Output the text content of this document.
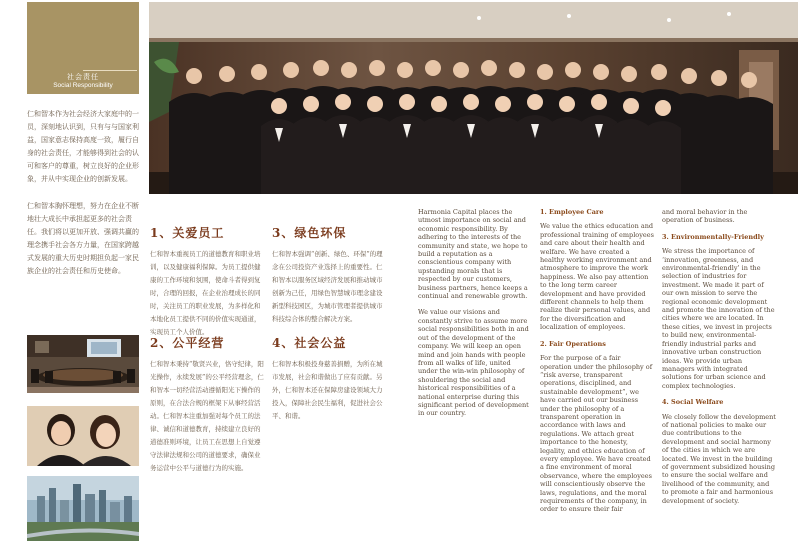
社会责任
Social Responsibility

仁和智本作为社会经济大家庭中的一员，深刻地认识到，只有与与国家利益，国家意志保持高度一致，履行自身的社会责任，才能够得到社会的认可和客户的尊重，树立良好的企业形象，并从中实现企业的创新发展。

仁和智本胸怀理想，努力在企业不断地壮大成长中承担起更多的社会责任。我们将以更加开放、强调共赢的理念携手社会各方力量，在国家跨越式发展的重大历史时期担负起一家民族企业的社会责任和历史使命。

1、关爱员工

仁和智本重视员工的道德教育和职业培训，以及健康福利保障。为员工提供健康的工作环境和氛围，使命斗者得到复时，合理的回报，在企业治理成长的同时，关注员工的职业发展，为多样化和本地化员工提供不同的价值实现通道，实现员工个人价值。

2、公平经营

仁和智本秉持“敬贤兴业，恪守纪律，阳光操作，永续发展”的公平经营理念，仁和智本一切经营活动遵循阳光下操作的原则，在合法合规的框架下从事经营活动。仁和智本注重加强对每个员工的法律、诚信和道德教育，持续建立良好的道德准则环境，让员工在思想上自觉遵守法律法规和公司的道德要求，确保业务运营中公平与道德行为的实施。

3、绿色环保

仁和智本强调“创新、绿色、环保”的理念在公司投资产业选择上的重要性。仁和智本以服务区域经济发展和推动城市创新为己任，用绿色智慧城市理念建设新型科技园区，为城市管理者提供城市科技综合体的整合解决方案。

4、社会公益

仁和智本积极投身慈善捐赠，为所在城市发展，社会和谐做出了应有贡献。另外，仁和智本还在保障房建设领域大力投入，保障社会民生福利，促进社会公平、和谐。

Harmonia Capital places the utmost importance on social and economic responsibility. By adhering to the interests of the community and state, we hope to build a reputation as a conscientious company with upstanding morals that is respected by our customers, business partners, hence keeps a continual and renewable growth.

We value our visions and constantly strive to assume more social responsibilities both in and out of the development of the company. We will keep an open mind and join hands with people from all walks of life, united under the win-win philosophy of shouldering the social and historical responsibilities of a national enterprise during this significant period of development in our country.

1. Employee Care

We value the ethics education and professional training of employees and care about their health and welfare. We have created a healthy working environment and atmosphere to improve the work happiness. We also pay attention to the long term career development and have provided different channels to help them realize their personal values, and for the diversification and localization of employees.

2. Fair Operations

For the purpose of a fair operation under the philosophy of “risk averse, transparent operations, disciplined, and sustainable development”, we have carried out our business under the philosophy of a transparent operation in accordance with laws and regulations. We attach great importance to the honesty, legality, and ethics education of every employee. We have created a fine environment of moral observance, where the employees will conscientiously observe the laws, regulations, and the moral requirements of the company, in order to ensure their fair

and moral behavior in the operation of business.

3. Environmentally-Friendly

We stress the importance of ‘innovation, greenness, and environmental-friendly’ in the selection of industries for investment. We made it part of our own mission to serve the regional economic development and promote the innovation of the cities where we are located. In these cities, we invest in projects to build new, environmental-friendly industrial parks and innovative urban construction ideas. We provide urban managers with integrated solutions for urban science and complex technologies.

4. Social Welfare

We closely follow the development of national policies to make our due contributions to the development and social harmony of the cities in which we are located. We invest in the building of government subsidized housing to ensure the social welfare and livelihood of the community, and to promote a fair and harmonious development of society.
